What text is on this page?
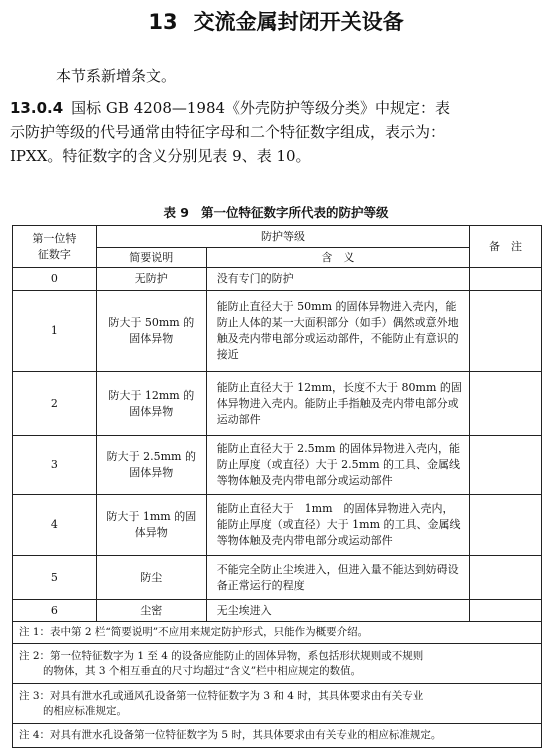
13 交流金属封闭开关设备
本节系新增条文。
13.0.4 国标 GB 4208—1984《外壳防护等级分类》中规定：表
示防护等级的代号通常由特征字母和二个特征数字组成，表示为：
IPXX。特征数字的含义分别见表 9、表 10。
表 9 第一位特征数字所代表的防护等级
第一位特征数字	防护等级		备　注
	简要说明	含　义	
0	无防护	没有专门的防护	
1	防大于 50mm 的固体异物	能防止直径大于 50mm 的固体异物进入壳内，能防止人体的某一大面积部分（如手）偶然或意外地触及壳内带电部分或运动部件，不能防止有意识的接近	
2	防大于 12mm 的固体异物	能防止直径大于 12mm，长度不大于 80mm 的固体异物进入壳内。能防止手指触及壳内带电部分或运动部件	
3	防大于 2.5mm 的固体异物	能防止直径大于 2.5mm 的固体异物进入壳内，能防止厚度（或直径）大于 2.5mm 的工具、金属线等物体触及壳内带电部分或运动部件	
4	防大于 1mm 的固体异物	能防止直径大于　1mm　的固体异物进入壳内，能防止厚度（或直径）大于 1mm 的工具、金属线等物体触及壳内带电部分或运动部件	
5	防尘	不能完全防止尘埃进入，但进入量不能达到妨碍设备正常运行的程度	
6	尘密	无尘埃进入	
注 1：表中第 2 栏“简要说明”不应用来规定防护形式，只能作为概要介绍。			
注 2：第一位特征数字为 1 至 4 的设备应能防止的固体异物，系包括形状规则或不规则
的物体，其 3 个相互垂直的尺寸均超过“含义”栏中相应规定的数值。			

注 3：对具有泄水孔或通风孔设备第一位特征数字为 3 和 4 时，其具体要求由有关专业
的相应标准规定。			

注 4：对具有泄水孔设备第一位特征数字为 5 时，其具体要求由有关专业的相应标准规定。			
